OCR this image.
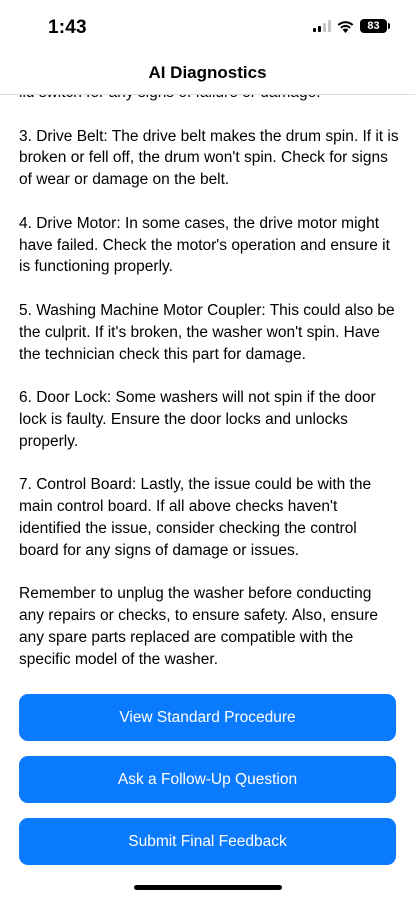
1:43	83
AI Diagnostics

3. Drive Belt: The drive belt makes the drum spin. If it is broken or fell off, the drum won't spin. Check for signs of wear or damage on the belt.

4. Drive Motor: In some cases, the drive motor might have failed. Check the motor's operation and ensure it is functioning properly.

5. Washing Machine Motor Coupler: This could also be the culprit. If it's broken, the washer won't spin. Have the technician check this part for damage.

6. Door Lock: Some washers will not spin if the door lock is faulty. Ensure the door locks and unlocks properly.

7. Control Board: Lastly, the issue could be with the main control board. If all above checks haven't identified the issue, consider checking the control board for any signs of damage or issues.

Remember to unplug the washer before conducting any repairs or checks, to ensure safety. Also, ensure any spare parts replaced are compatible with the specific model of the washer.

View Standard Procedure
Ask a Follow-Up Question
Submit Final Feedback
